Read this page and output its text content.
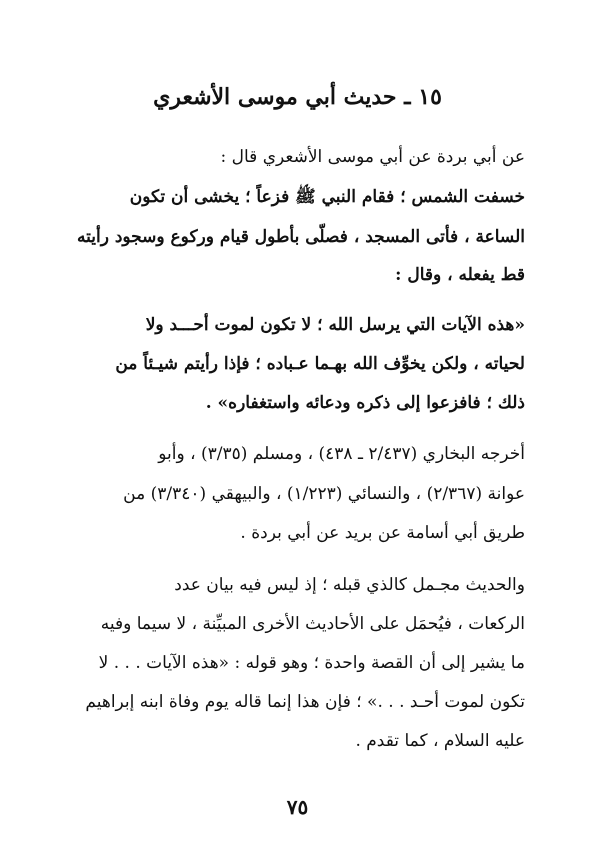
١٥ ـ حديث أبي موسى الأشعري
عن أبي بردة عن أبي موسى الأشعري قال :
خسفت الشمس ؛ فقام النبي ﷺ فزعاً ؛ يخشى أن تكون
الساعة ، فأتى المسجد ، فصلّى بأطول قيام وركوع وسجود رأيته
قط يفعله ، وقال :
«هذه الآيات التي يرسل الله ؛ لا تكون لموت أحـــد ولا
لحياته ، ولكن يخوِّف الله بهـما عـباده ؛ فإذا رأيتم شيـئاً من
ذلك ؛ فافزعوا إلى ذكره ودعائه واستغفاره» .
أخرجه البخاري (٢/٤٣٧ ـ ٤٣٨) ، ومسلم (٣/٣٥) ، وأبو
عوانة (٢/٣٦٧) ، والنسائي (١/٢٢٣) ، والبيهقي (٣/٣٤٠) من
طريق أبي أسامة عن بريد عن أبي بردة .
والحديث مجـمل كالذي قبله ؛ إذ ليس فيه بيان عدد
الركعات ، فيُحمَل على الأحاديث الأخرى المبيِّنة ، لا سيما وفيه
ما يشير إلى أن القصة واحدة ؛ وهو قوله : «هذه الآيات . . . لا
تكون لموت أحـد . . .» ؛ فإن هذا إنما قاله يوم وفاة ابنه إبراهيم
عليه السلام ، كما تقدم .
٧٥
